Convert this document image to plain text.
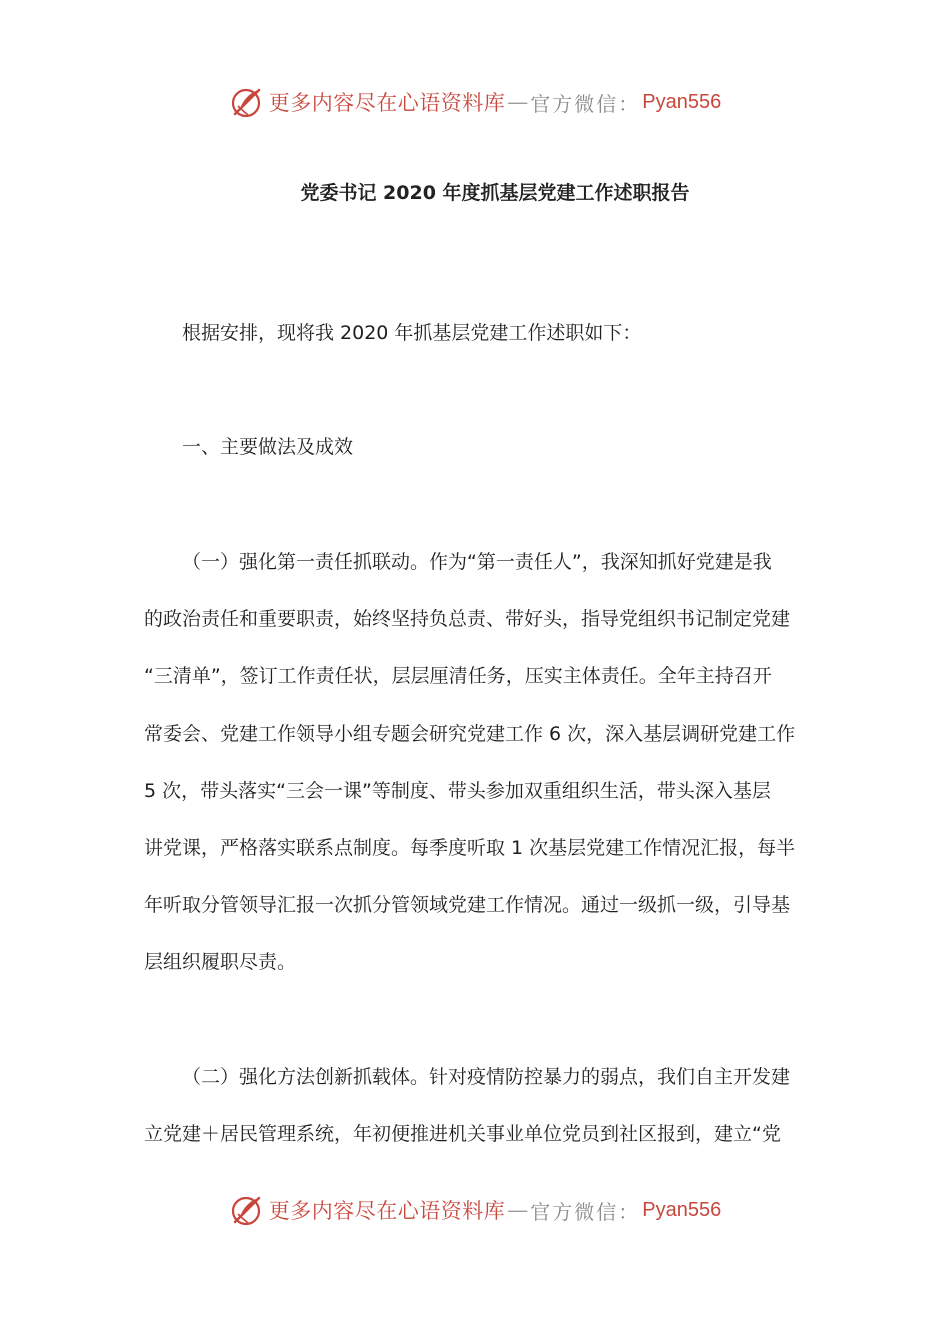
更多内容尽在心语资料库 — 官方微信： Pyan556
党委书记 2020 年度抓基层党建工作述职报告
根据安排，现将我 2020 年抓基层党建工作述职如下：
一、主要做法及成效
（一）强化第一责任抓联动。作为“第一责任人”，我深知抓好党建是我
的政治责任和重要职责，始终坚持负总责、带好头，指导党组织书记制定党建
“三清单”，签订工作责任状，层层厘清任务，压实主体责任。全年主持召开
常委会、党建工作领导小组专题会研究党建工作 6 次，深入基层调研党建工作
5 次，带头落实“三会一课”等制度、带头参加双重组织生活，带头深入基层
讲党课，严格落实联系点制度。每季度听取 1 次基层党建工作情况汇报，每半
年听取分管领导汇报一次抓分管领域党建工作情况。通过一级抓一级，引导基
层组织履职尽责。
（二）强化方法创新抓载体。针对疫情防控暴力的弱点，我们自主开发建
立党建＋居民管理系统，年初便推进机关事业单位党员到社区报到，建立“党
更多内容尽在心语资料库 — 官方微信： Pyan556
